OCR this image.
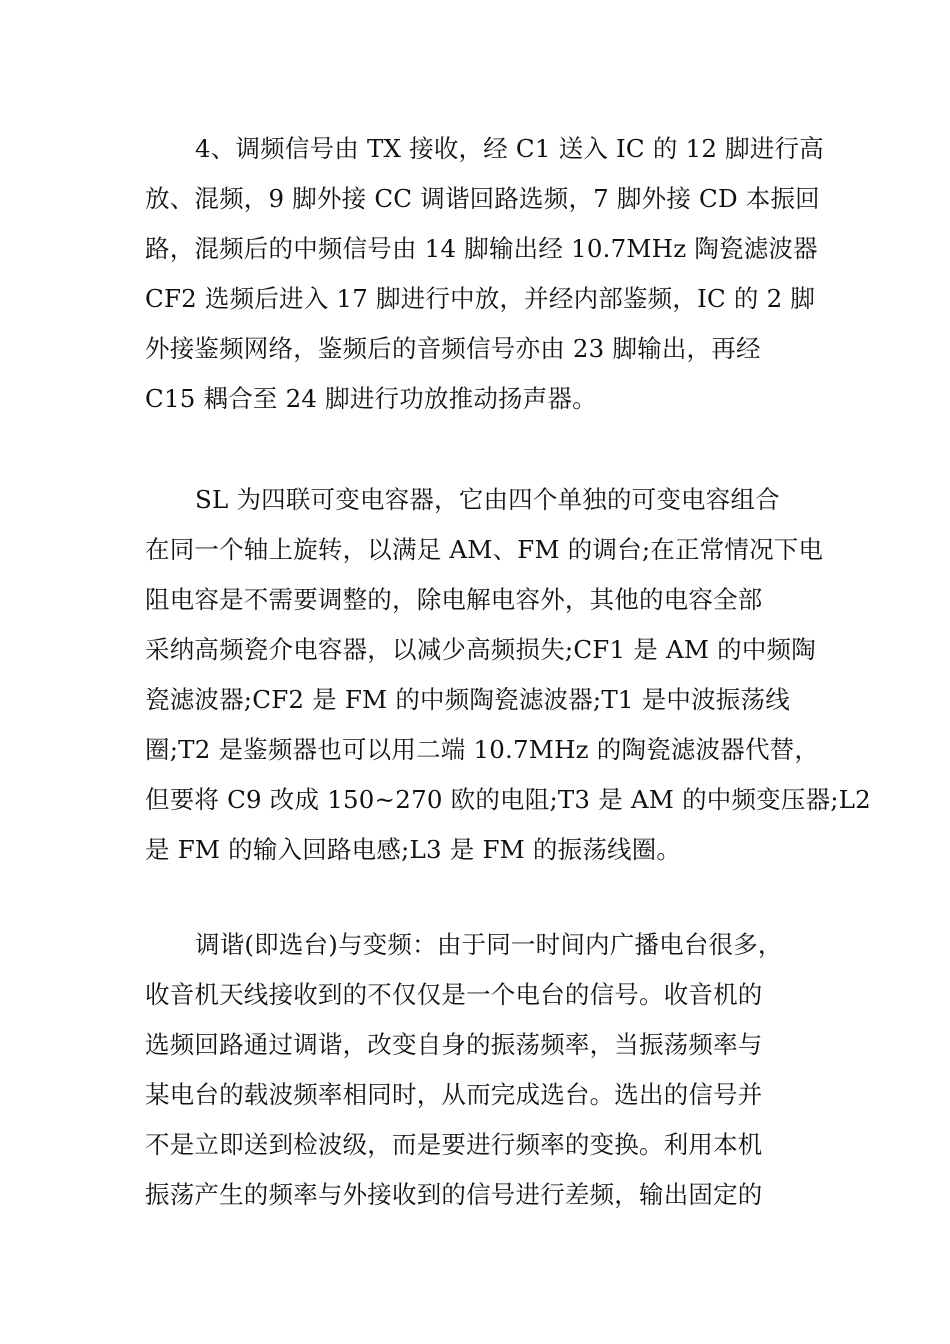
4、调频信号由 TX 接收，经 C1 送入 IC 的 12 脚进行高
放、混频，9 脚外接 CC 调谐回路选频，7 脚外接 CD 本振回
路，混频后的中频信号由 14 脚输出经 10.7MHz 陶瓷滤波器
CF2 选频后进入 17 脚进行中放，并经内部鉴频，IC 的 2 脚
外接鉴频网络，鉴频后的音频信号亦由 23 脚输出，再经
C15 耦合至 24 脚进行功放推动扬声器。
SL 为四联可变电容器，它由四个单独的可变电容组合
在同一个轴上旋转，以满足 AM、FM 的调台;在正常情况下电
阻电容是不需要调整的，除电解电容外，其他的电容全部
采纳高频瓷介电容器，以减少高频损失;CF1 是 AM 的中频陶
瓷滤波器;CF2 是 FM 的中频陶瓷滤波器;T1 是中波振荡线
圈;T2 是鉴频器也可以用二端 10.7MHz 的陶瓷滤波器代替，
但要将 C9 改成 150~270 欧的电阻;T3 是 AM 的中频变压器;L2
是 FM 的输入回路电感;L3 是 FM 的振荡线圈。
调谐(即选台)与变频：由于同一时间内广播电台很多，
收音机天线接收到的不仅仅是一个电台的信号。收音机的
选频回路通过调谐，改变自身的振荡频率，当振荡频率与
某电台的载波频率相同时，从而完成选台。选出的信号并
不是立即送到检波级，而是要进行频率的变换。利用本机
振荡产生的频率与外接收到的信号进行差频，输出固定的
